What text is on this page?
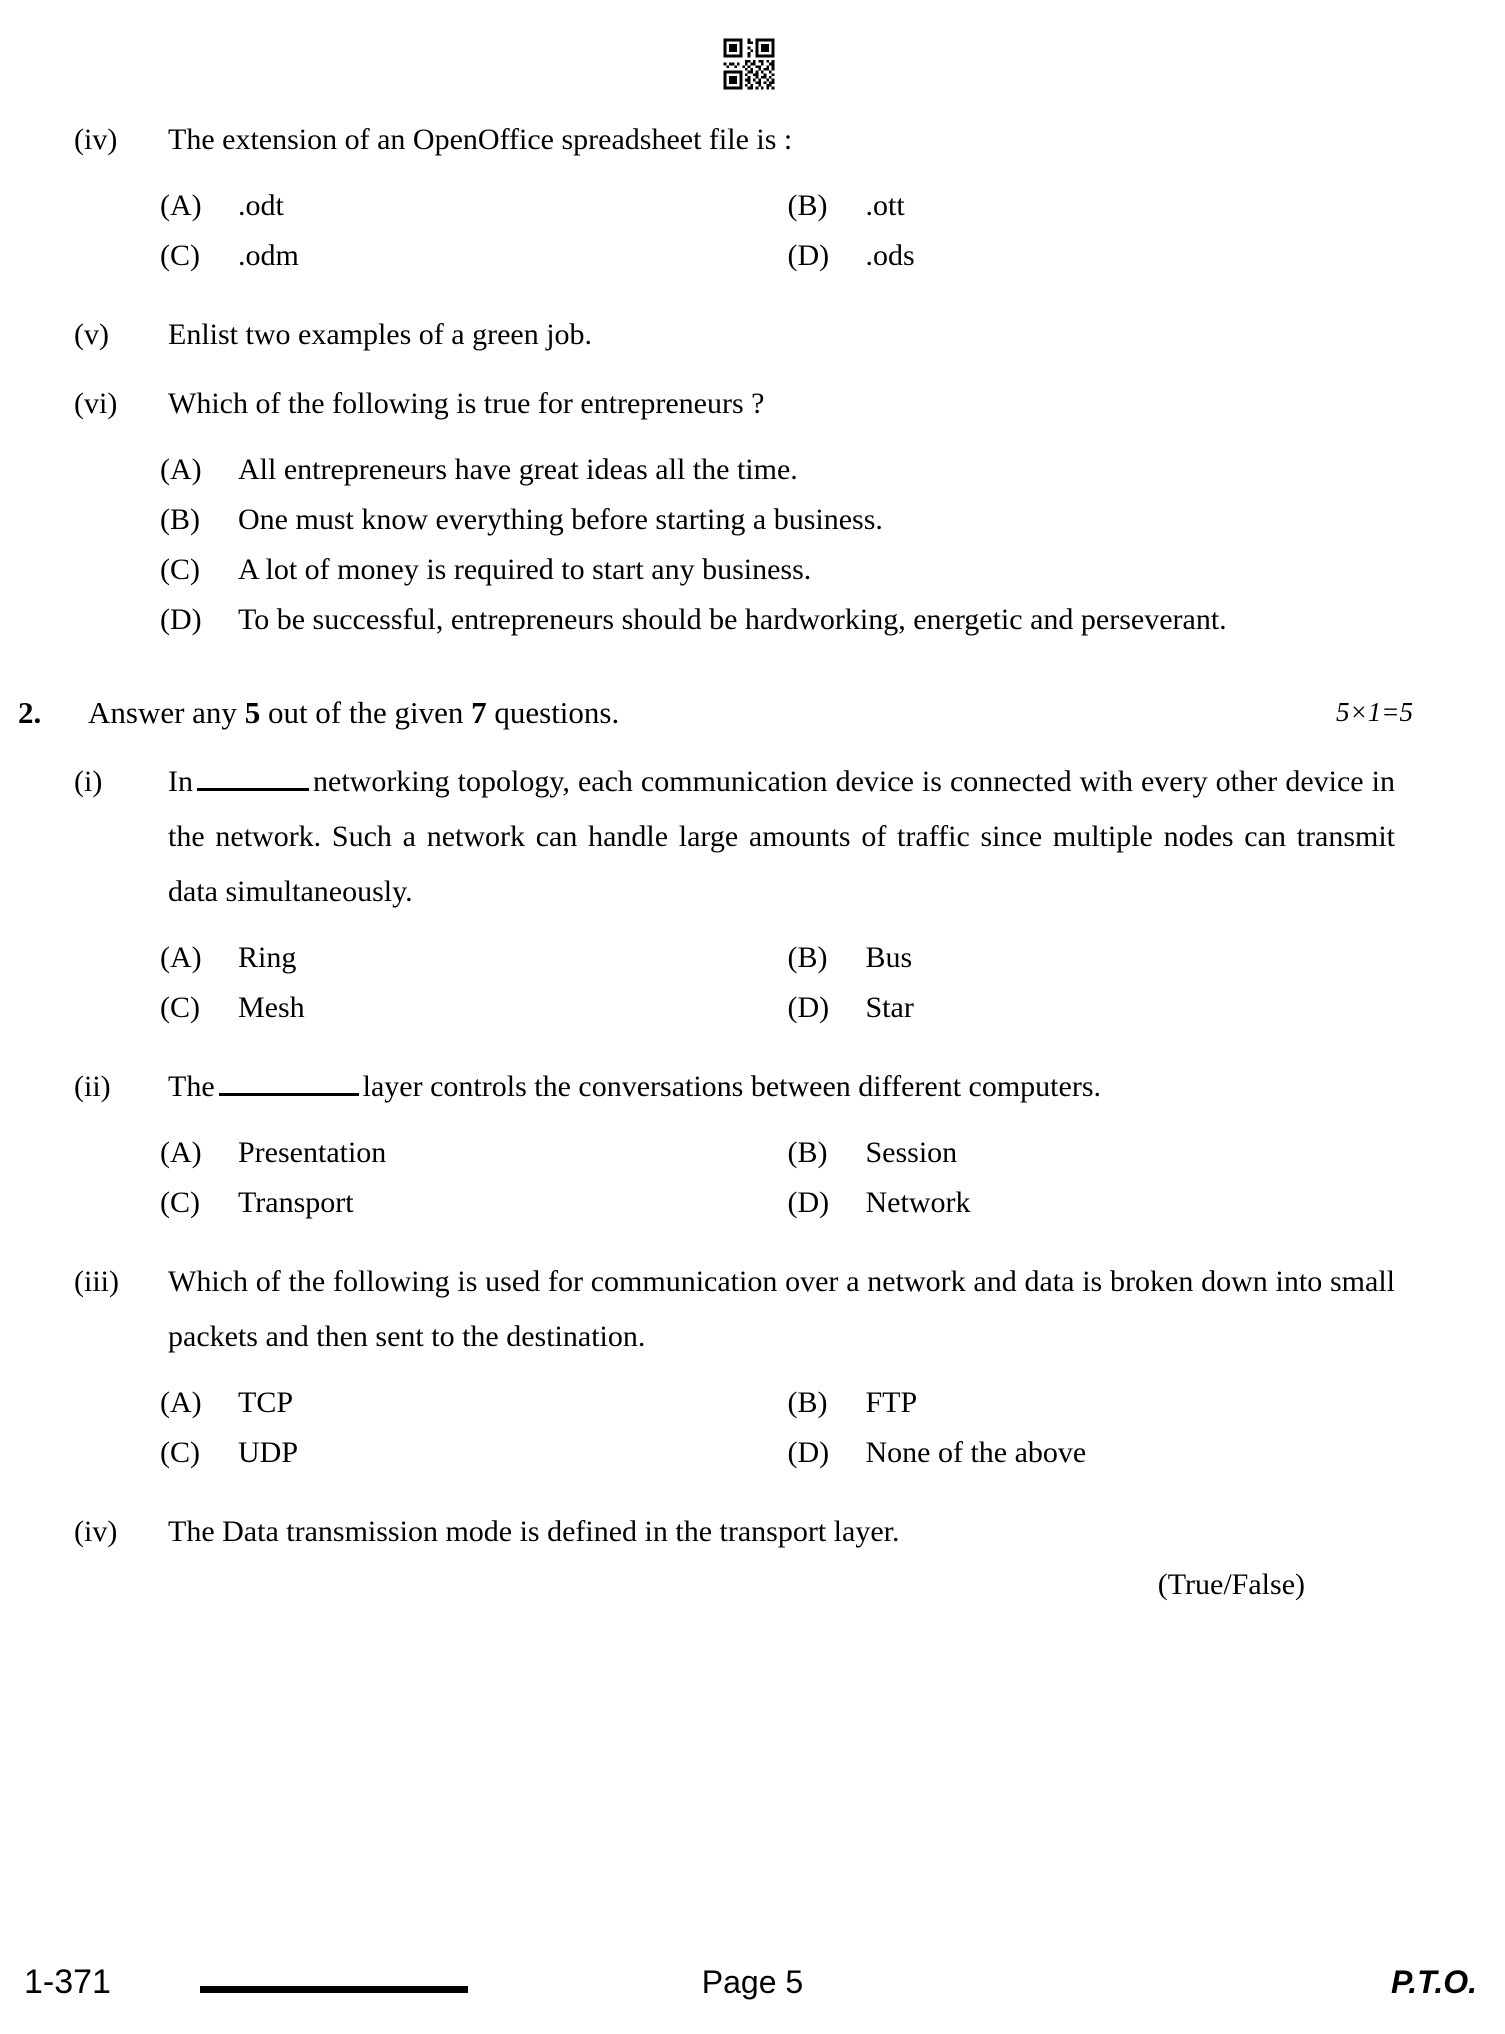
(iv)	The extension of an OpenOffice spreadsheet file is :
(A)	.odt	(B)	.ott
(C)	.odm	(D)	.ods
(v)	Enlist two examples of a green job.
(vi)	Which of the following is true for entrepreneurs ?
(A)	All entrepreneurs have great ideas all the time.
(B)	One must know everything before starting a business.
(C)	A lot of money is required to start any business.
(D)	To be successful, entrepreneurs should be hardworking, energetic and perseverant.
2.	Answer any 5 out of the given 7 questions.	5×1=5
(i)	In	networking topology, each communication device is connected with every other device in the network. Such a network can handle large amounts of traffic since multiple nodes can transmit data simultaneously.
(A)	Ring	(B)	Bus
(C)	Mesh	(D)	Star
(ii)	The	layer controls the conversations between different computers.
(A)	Presentation	(B)	Session
(C)	Transport	(D)	Network
(iii)	Which of the following is used for communication over a network and data is broken down into small packets and then sent to the destination.
(A)	TCP	(B)	FTP
(C)	UDP	(D)	None of the above
(iv)	The Data transmission mode is defined in the transport layer.
(True/False)
1-371	Page 5	P.T.O.
